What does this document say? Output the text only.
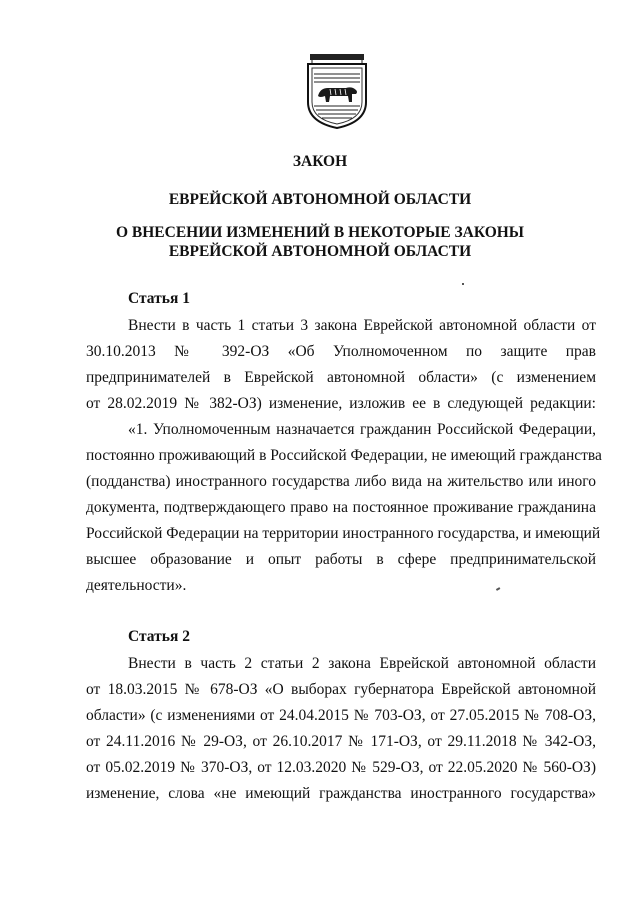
ЗАКОН
ЕВРЕЙСКОЙ АВТОНОМНОЙ ОБЛАСТИ
О ВНЕСЕНИИ ИЗМЕНЕНИЙ В НЕКОТОРЫЕ ЗАКОНЫ
ЕВРЕЙСКОЙ АВТОНОМНОЙ ОБЛАСТИ
Статья 1
Внести в часть 1 статьи 3 закона Еврейской автономной области от
30.10.2013 № 392-ОЗ «Об Уполномоченном по защите прав
предпринимателей в Еврейской автономной области» (с изменением
от 28.02.2019 № 382-ОЗ) изменение, изложив ее в следующей редакции:
«1. Уполномоченным назначается гражданин Российской Федерации,
постоянно проживающий в Российской Федерации, не имеющий гражданства
(подданства) иностранного государства либо вида на жительство или иного
документа, подтверждающего право на постоянное проживание гражданина
Российской Федерации на территории иностранного государства, и имеющий
высшее образование и опыт работы в сфере предпринимательской
деятельности».
Статья 2
Внести в часть 2 статьи 2 закона Еврейской автономной области
от 18.03.2015 № 678-ОЗ «О выборах губернатора Еврейской автономной
области» (с изменениями от 24.04.2015 № 703-ОЗ, от 27.05.2015 № 708-ОЗ,
от 24.11.2016 № 29-ОЗ, от 26.10.2017 № 171-ОЗ, от 29.11.2018 № 342-ОЗ,
от 05.02.2019 № 370-ОЗ, от 12.03.2020 № 529-ОЗ, от 22.05.2020 № 560-ОЗ)
изменение, слова «не имеющий гражданства иностранного государства»
